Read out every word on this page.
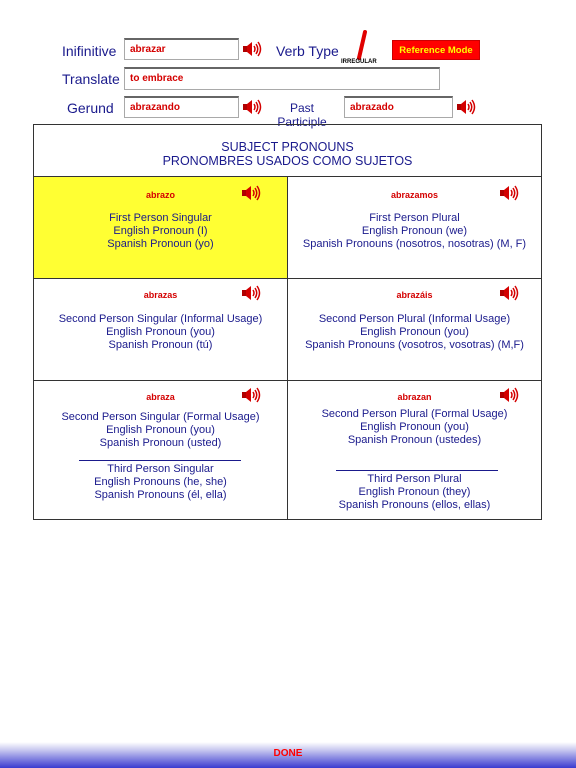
Inifinitive	abrazar	Verb Type
IRREGULAR
Reference Mode
Translate	to embrace
Gerund	abrazando	Past Participle
abrazado
SUBJECT PRONOUNS
PRONOMBRES USADOS COMO SUJETOS
abrazo
First Person Singular
English Pronoun (I)
Spanish Pronoun (yo)
abrazamos
First Person Plural
English Pronoun (we)
Spanish Pronouns (nosotros, nosotras) (M, F)
abrazas
Second Person Singular (Informal Usage)
English Pronoun (you)
Spanish Pronoun (tú)
abrazáis
Second Person Plural (Informal Usage)
English Pronoun (you)
Spanish Pronouns (vosotros, vosotras) (M,F)
abraza
Second Person Singular (Formal Usage)
English Pronoun (you)
Spanish Pronoun (usted)
Third Person Singular
English Pronouns (he, she)
Spanish Pronouns (él, ella)
abrazan
Second Person Plural (Formal Usage)
English Pronoun (you)
Spanish Pronoun (ustedes)
Third Person Plural
English Pronoun (they)
Spanish Pronouns (ellos, ellas)
DONE
